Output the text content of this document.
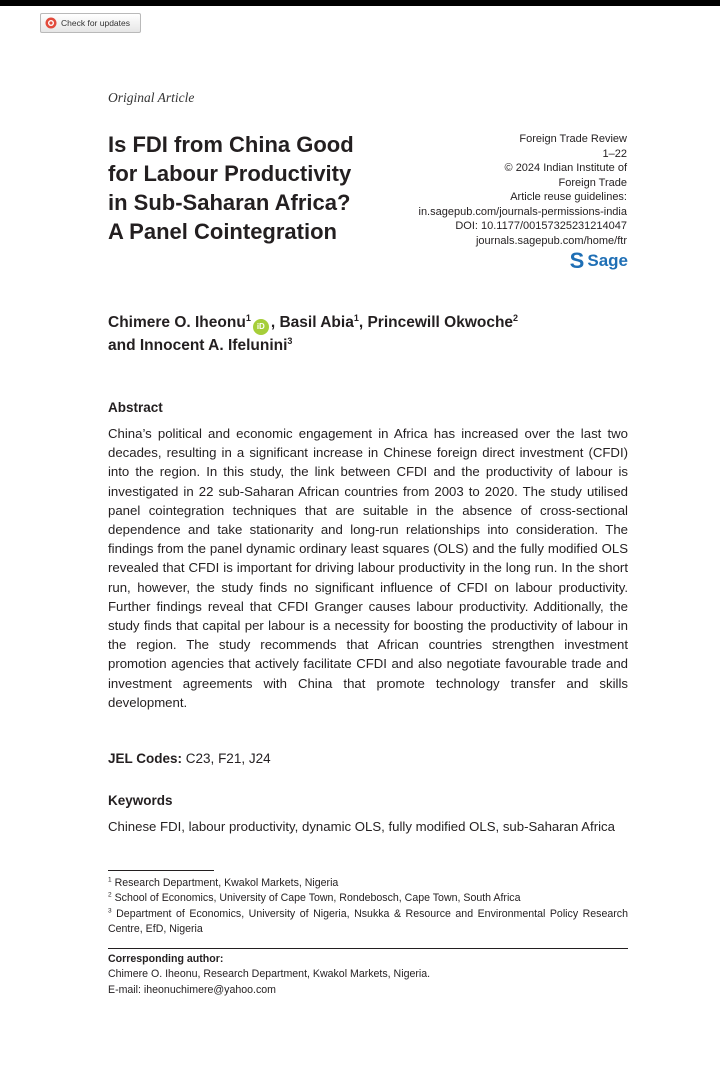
Check for updates
Original Article
Is FDI from China Good
for Labour Productivity
in Sub-Saharan Africa?
A Panel Cointegration
Foreign Trade Review
1–22
© 2024 Indian Institute of
Foreign Trade
Article reuse guidelines:
in.sagepub.com/journals-permissions-india
DOI: 10.1177/00157325231214047
journals.sagepub.com/home/ftr
S Sage
Chimere O. Iheonu$^1$iD , Basil Abia$^1$, Princewill Okwoche$^2$
and Innocent A. Ifelunini$^3$
Abstract

China’s political and economic engagement in Africa has increased over the last two decades, resulting in a significant increase in Chinese foreign direct investment (CFDI) into the region. In this study, the link between CFDI and the productivity of labour is investigated in 22 sub-Saharan African countries from 2003 to 2020. The study utilised panel cointegration techniques that are suitable in the absence of cross-sectional dependence and take stationarity and long-run relationships into consideration. The findings from the panel dynamic ordinary least squares (OLS) and the fully modified OLS revealed that CFDI is important for driving labour productivity in the long run. In the short run, however, the study finds no significant influence of CFDI on labour productivity. Further findings reveal that CFDI Granger causes labour productivity. Additionally, the study finds that capital per labour is a necessity for boosting the productivity of labour in the region. The study recommends that African countries strengthen investment promotion agencies that actively facilitate CFDI and also negotiate favourable trade and investment agreements with China that promote technology transfer and skills development.

JEL Codes: C23, F21, J24
Keywords

Chinese FDI, labour productivity, dynamic OLS, fully modified OLS, sub-Saharan Africa

$^1$ Research Department, Kwakol Markets, Nigeria
$^2$ School of Economics, University of Cape Town, Rondebosch, Cape Town, South Africa
$^3$ Department of Economics, University of Nigeria, Nsukka & Resource and Environmental Policy Research Centre, EfD, Nigeria
Corresponding author:
Chimere O. Iheonu, Research Department, Kwakol Markets, Nigeria.
E-mail: iheonuchimere@yahoo.com
